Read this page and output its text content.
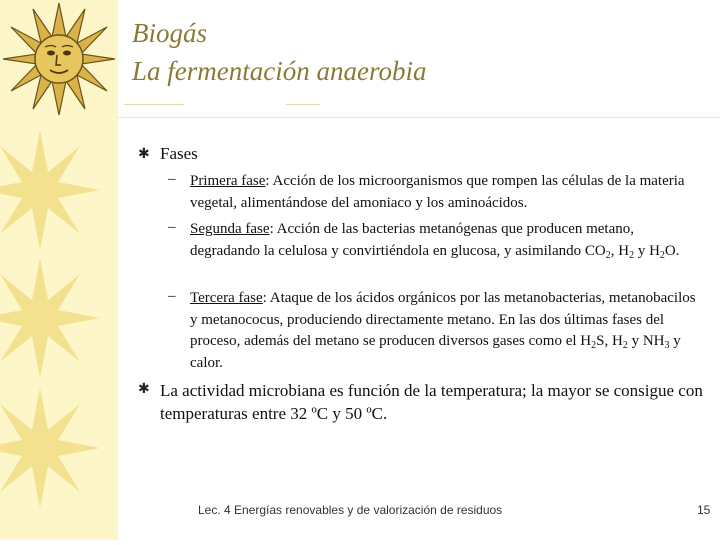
Biogás
La fermentación anaerobia
✱ Fases
– Primera fase: Acción de los microorganismos que rompen las células de la materia vegetal, alimentándose del amoniaco y los aminoácidos.
– Segunda fase: Acción de las bacterias metanógenas que producen metano, degradando la celulosa y convirtiéndola en glucosa, y asimilando $CO_2$, $H_2$ y $H_2O$.
– Tercera fase: Ataque de los ácidos orgánicos por las metanobacterias, metanobacilos y metanococus, produciendo directamente metano. En las dos últimas fases del proceso, además del metano se producen diversos gases como el $H_2S$, $H_2$ y $NH_3$ y calor.
✱ La actividad microbiana es función de la temperatura; la mayor se consigue con temperaturas entre 32 ºC y 50 ºC.
Lec. 4 Energías renovables y de valorización de residuos	15
